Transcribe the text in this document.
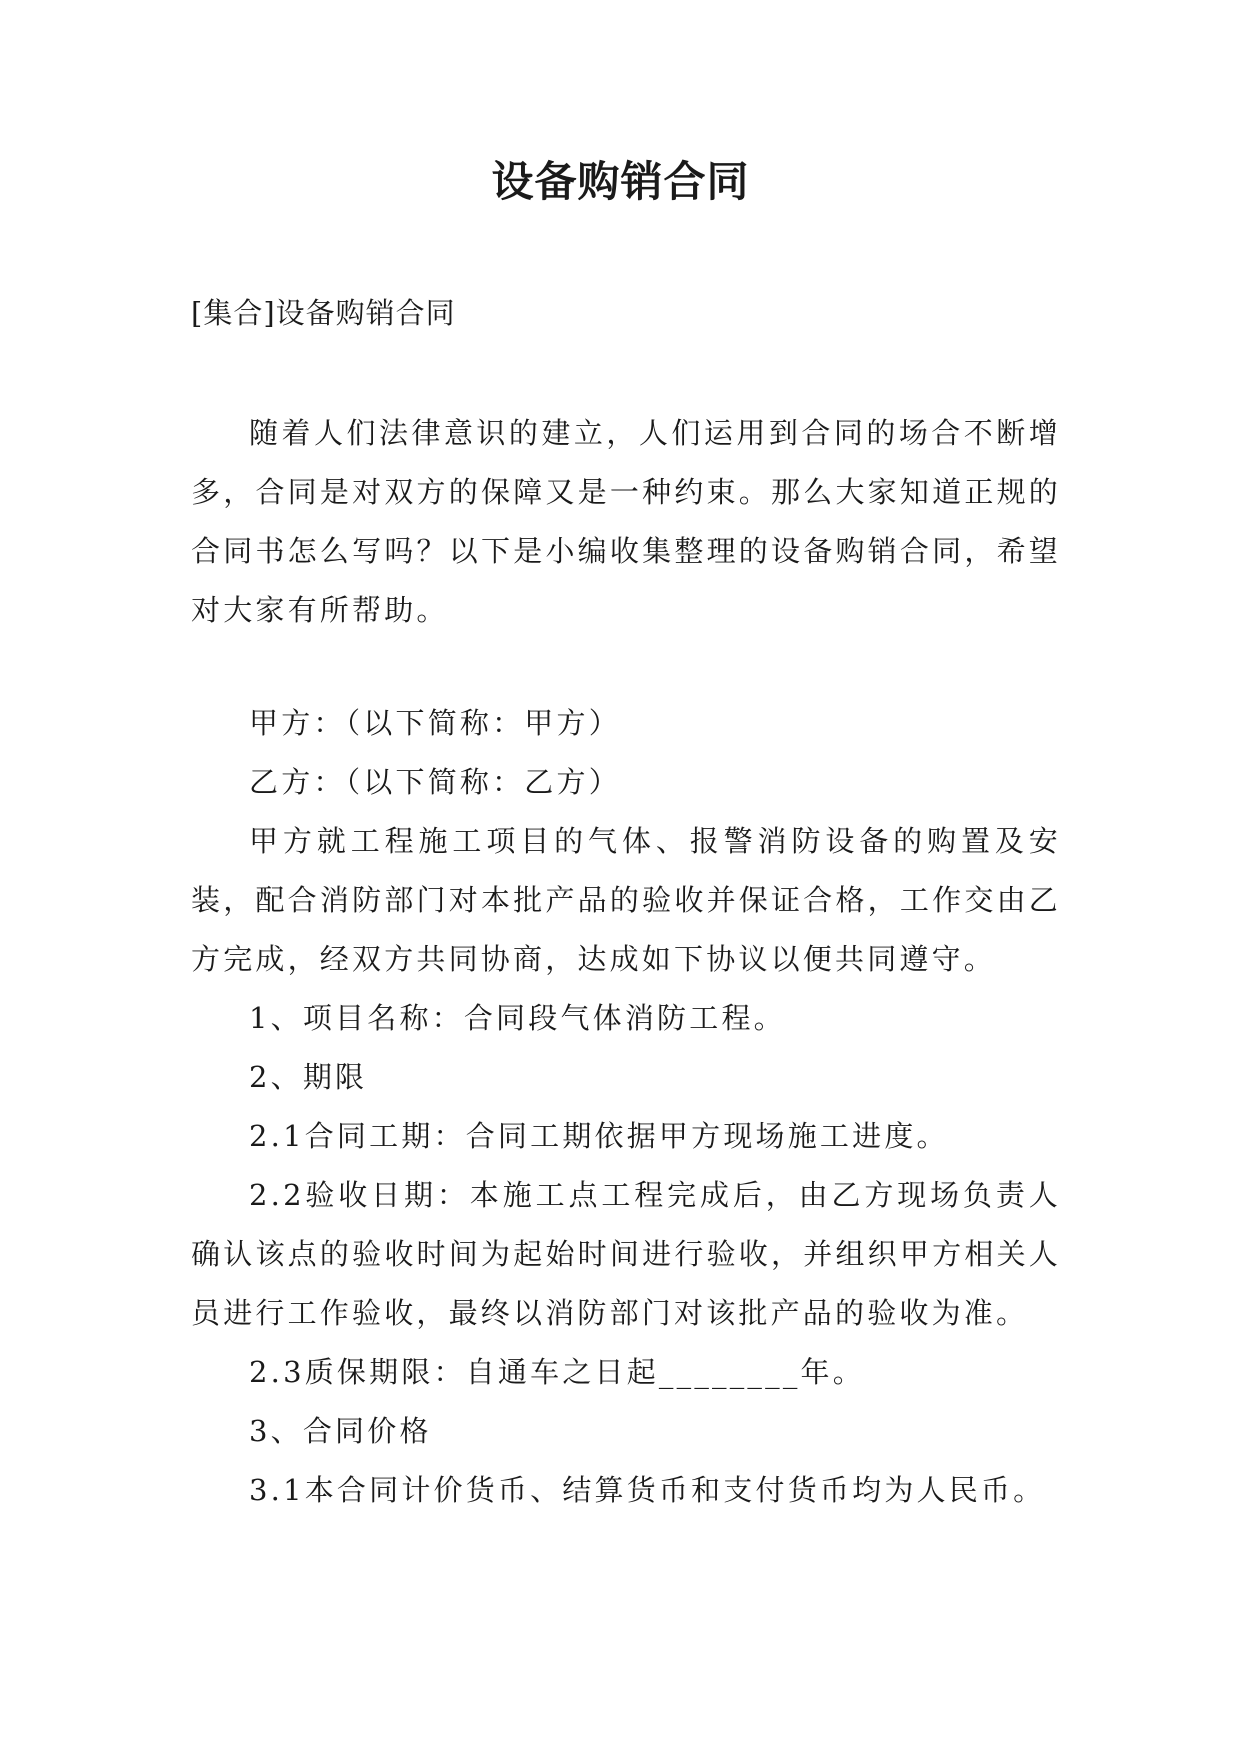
设备购销合同
[集合]设备购销合同

随着人们法律意识的建立，人们运用到合同的场合不断增多，合同是对双方的保障又是一种约束。那么大家知道正规的合同书怎么写吗？以下是小编收集整理的设备购销合同，希望对大家有所帮助。

甲方：（以下简称：甲方）

乙方：（以下简称：乙方）

甲方就工程施工项目的气体、报警消防设备的购置及安装，配合消防部门对本批产品的验收并保证合格，工作交由乙方完成，经双方共同协商，达成如下协议以便共同遵守。

1、项目名称：合同段气体消防工程。

2、期限

2.1合同工期：合同工期依据甲方现场施工进度。

2.2验收日期：本施工点工程完成后，由乙方现场负责人确认该点的验收时间为起始时间进行验收，并组织甲方相关人员进行工作验收，最终以消防部门对该批产品的验收为准。

2.3质保期限：自通车之日起________年。

3、合同价格

3.1本合同计价货币、结算货币和支付货币均为人民币。
